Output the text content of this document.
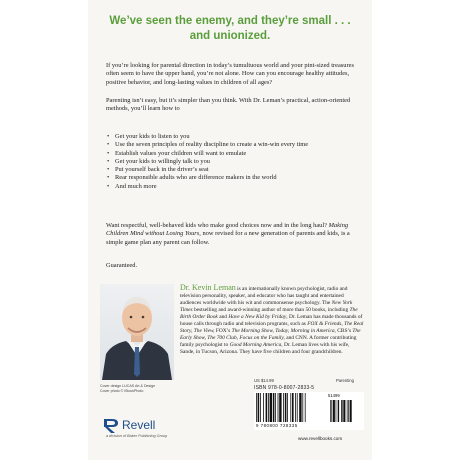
We’ve seen the enemy, and they’re small . . .
and unionized.

If you’re looking for parental direction in today’s tumultuous world and your pint-sized treasures often seem to have the upper hand, you’re not alone. How can you encourage healthy attitudes, positive behavior, and long-lasting values in children of all ages?

Parenting isn’t easy, but it’s simpler than you think. With Dr. Leman’s practical, action-oriented methods, you’ll learn how to

• Get your kids to listen to you
• Use the seven principles of reality discipline to create a win-win every time
• Establish values your children will want to emulate
• Get your kids to willingly talk to you
• Put yourself back in the driver’s seat
• Rear responsible adults who are difference makers in the world
• And much more

Want respectful, well-behaved kids who make good choices now and in the long haul? Making Children Mind without Losing Yours, now revised for a new generation of parents and kids, is a simple game plan any parent can follow.

Guaranteed.

Dr. Kevin Leman is an internationally known psychologist, radio and television personality, speaker, and educator who has taught and entertained audiences worldwide with his wit and commonsense psychology. The New York Times bestselling and award-winning author of more than 50 books, including The Birth Order Book and Have a New Kid by Friday, Dr. Leman has made thousands of house calls through radio and television programs, such as FOX & Friends, The Real Story, The View, FOX’s The Morning Show, Today, Morning in America, CBS’s The Early Show, The 700 Club, Focus on the Family, and CNN. A former contributing family psychologist to Good Morning America, Dr. Leman lives with his wife, Sande, in Tucson, Arizona. They have five children and four grandchildren.

Cover design LUCAS Art & Design
Cover photo © iStockPhoto
US $14.99	Parenting
ISBN 978-0-8007-2833-5
9 780800 728335
51499
Revell
a division of Baker Publishing Group	www.revellbooks.com
